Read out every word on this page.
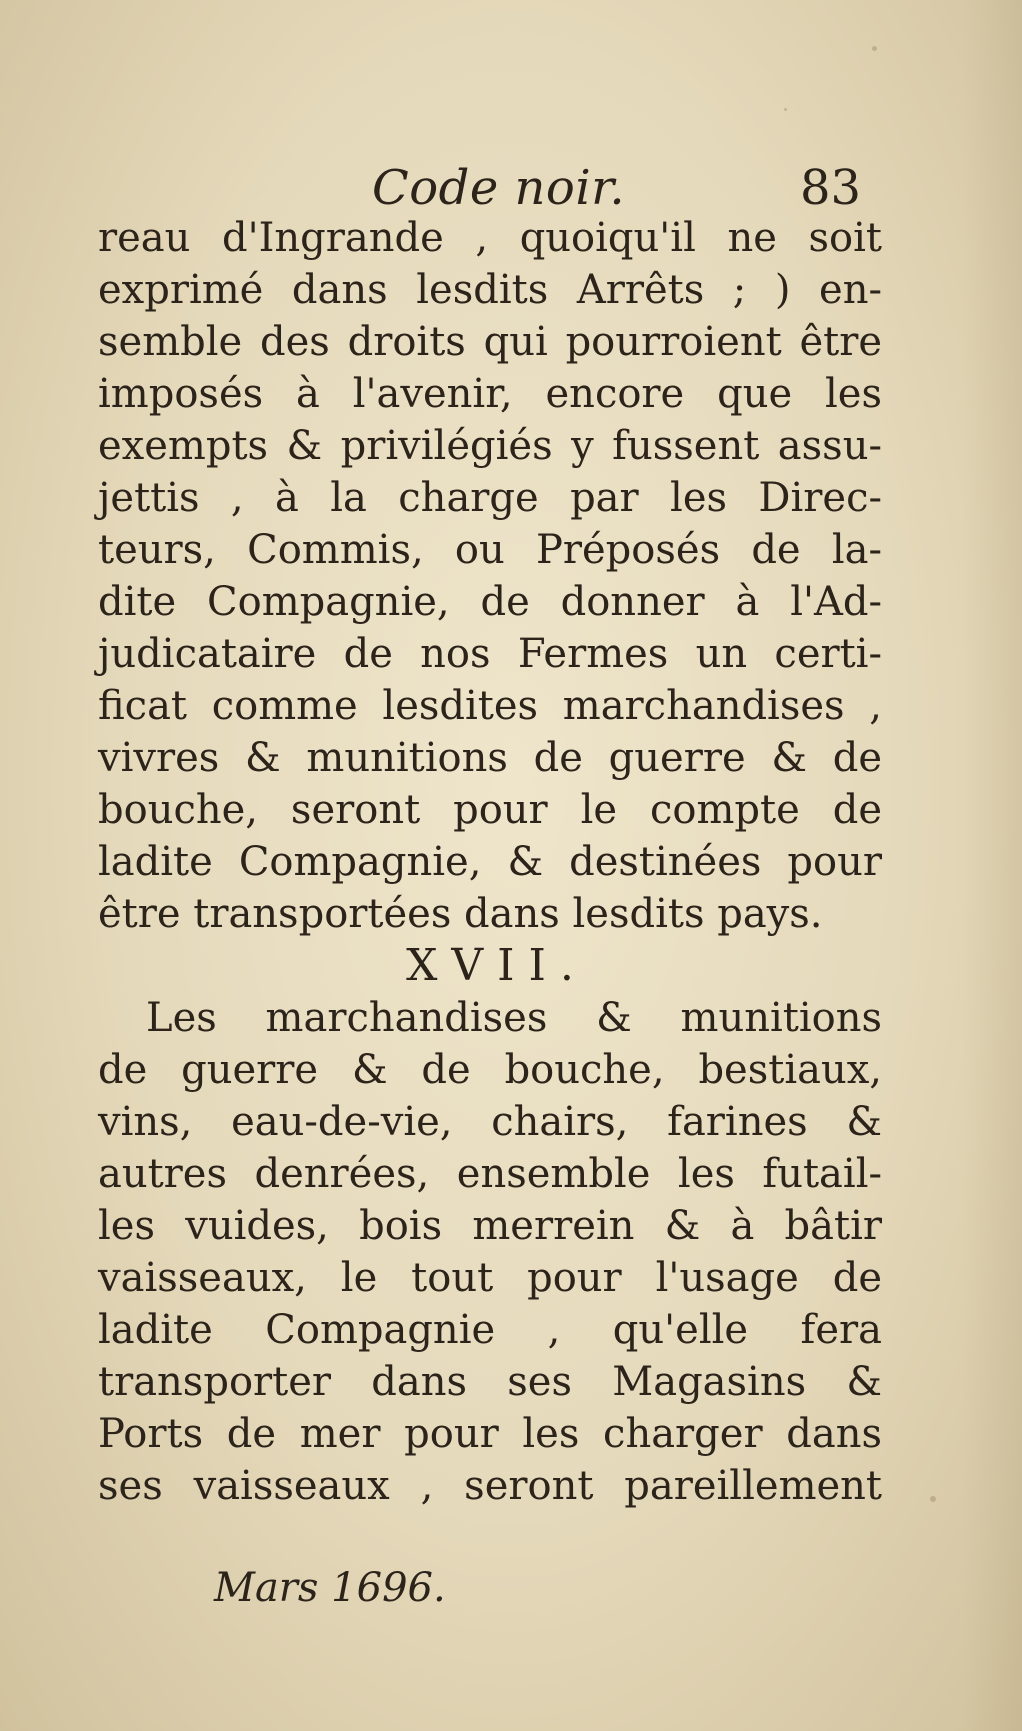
Code noir.	83
reau d'Ingrande , quoiqu'il ne soit
exprimé dans lesdits Arrêts ; ) en-
semble des droits qui pourroient être
imposés à l'avenir, encore que les
exempts & privilégiés y fussent assu-
jettis , à la charge par les Direc-
teurs, Commis, ou Préposés de la-
dite Compagnie, de donner à l'Ad-
judicataire de nos Fermes un certi-
ficat comme lesdites marchandises ,
vivres & munitions de guerre & de
bouche, seront pour le compte de
ladite Compagnie, & destinées pour
être transportées dans lesdits pays.
XVII.
Les marchandises & munitions
de guerre & de bouche, bestiaux,
vins, eau-de-vie, chairs, farines &
autres denrées, ensemble les futail-
les vuides, bois merrein & à bâtir
vaisseaux, le tout pour l'usage de
ladite Compagnie , qu'elle fera
transporter dans ses Magasins &
Ports de mer pour les charger dans
ses vaisseaux , seront pareillement
Mars 1696.
